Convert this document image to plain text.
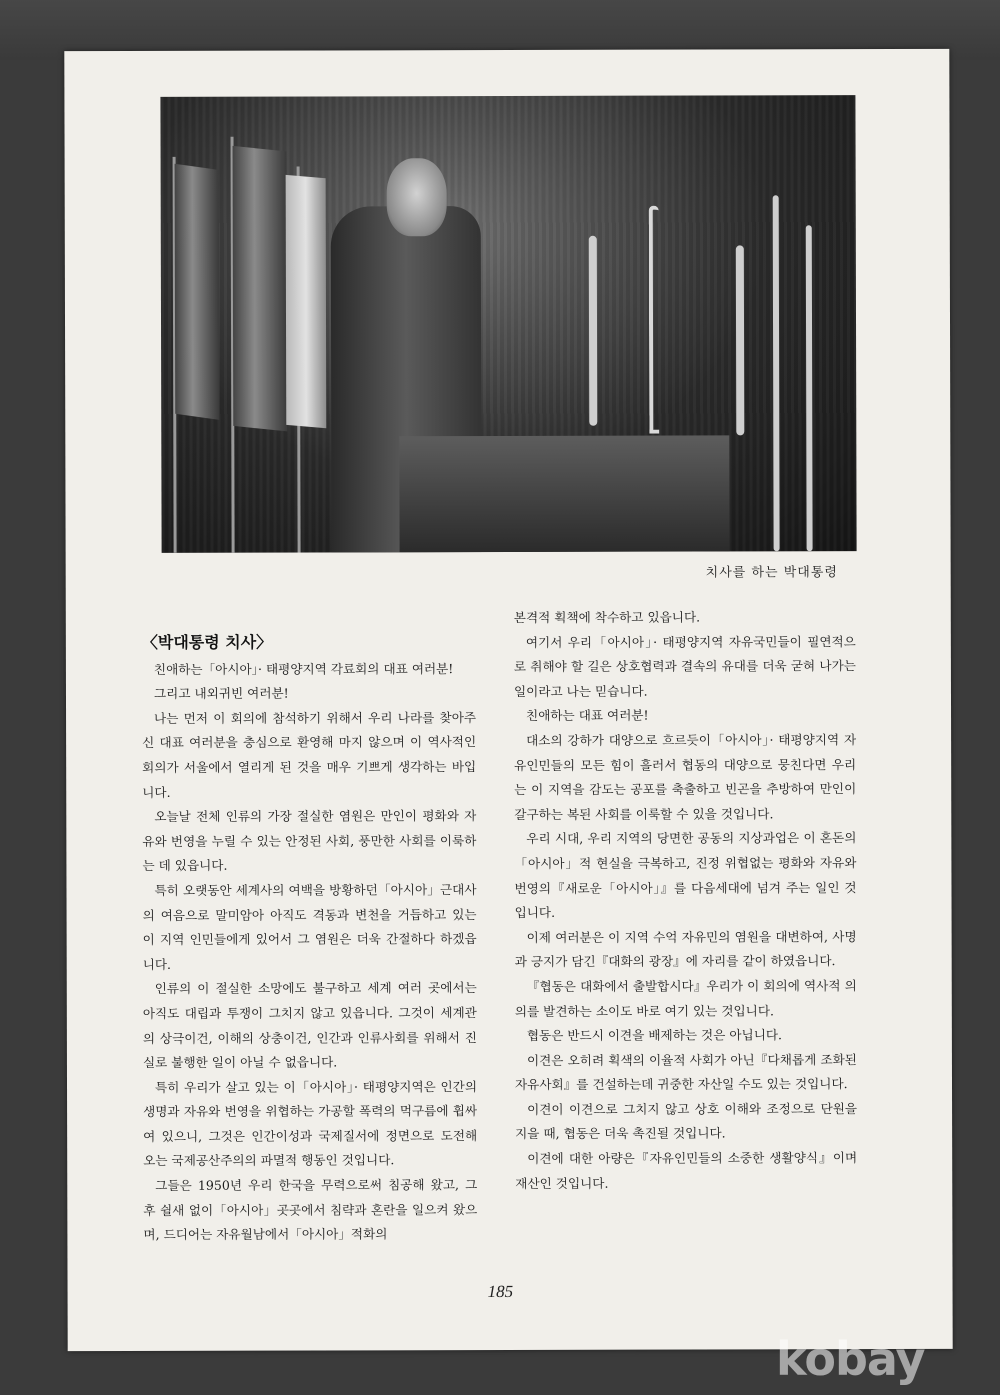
치사를 하는 박대통령
〈박대통령 치사〉

친애하는「아시아」· 태평양지역 각료회의 대표 여러분!

그리고 내외귀빈 여러분!

나는 먼저 이 회의에 참석하기 위해서 우리 나라를 찾아주신 대표 여러분을 충심으로 환영해 마지 않으며 이 역사적인 회의가 서울에서 열리게 된 것을 매우 기쁘게 생각하는 바입니다.

오늘날 전체 인류의 가장 절실한 염원은 만인이 평화와 자유와 번영을 누릴 수 있는 안정된 사회, 풍만한 사회를 이룩하는 데 있읍니다.

특히 오랫동안 세계사의 여백을 방황하던「아시아」근대사의 여음으로 말미암아 아직도 격동과 변천을 거듭하고 있는 이 지역 인민들에게 있어서 그 염원은 더욱 간절하다 하겠읍니다.

인류의 이 절실한 소망에도 불구하고 세계 여러 곳에서는 아직도 대립과 투쟁이 그치지 않고 있읍니다. 그것이 세계관의 상극이건, 이해의 상충이건, 인간과 인류사회를 위해서 진실로 불행한 일이 아닐 수 없읍니다.

특히 우리가 살고 있는 이「아시아」· 태평양지역은 인간의 생명과 자유와 번영을 위협하는 가공할 폭력의 먹구름에 휩싸여 있으니, 그것은 인간이성과 국제질서에 정면으로 도전해 오는 국제공산주의의 파멸적 행동인 것입니다.

그들은 1950년 우리 한국을 무력으로써 침공해 왔고, 그 후 쉴새 없이「아시아」곳곳에서 침략과 혼란을 일으켜 왔으며, 드디어는 자유월남에서「아시아」적화의

본격적 획책에 착수하고 있읍니다.

여기서 우리「아시아」· 태평양지역 자유국민들이 필연적으로 취해야 할 길은 상호협력과 결속의 유대를 더욱 굳혀 나가는 일이라고 나는 믿습니다.

친애하는 대표 여러분!

대소의 강하가 대양으로 흐르듯이「아시아」· 태평양지역 자유인민들의 모든 힘이 흘러서 협동의 대양으로 뭉친다면 우리는 이 지역을 감도는 공포를 축출하고 빈곤을 추방하여 만인이 갈구하는 복된 사회를 이룩할 수 있을 것입니다.

우리 시대, 우리 지역의 당면한 공동의 지상과업은 이 혼돈의「아시아」적 현실을 극복하고, 진정 위협없는 평화와 자유와 번영의『새로운「아시아」』를 다음세대에 넘겨 주는 일인 것입니다.

이제 여러분은 이 지역 수억 자유민의 염원을 대변하여, 사명과 긍지가 담긴『대화의 광장』에 자리를 같이 하였읍니다.

『협동은 대화에서 출발합시다』우리가 이 회의에 역사적 의의를 발견하는 소이도 바로 여기 있는 것입니다.

협동은 반드시 이견을 배제하는 것은 아닙니다.

이견은 오히려 획색의 이율적 사회가 아닌『다채롭게 조화된 자유사회』를 건설하는데 귀중한 자산일 수도 있는 것입니다.

이견이 이견으로 그치지 않고 상호 이해와 조정으로 단원을 지을 때, 협동은 더욱 촉진될 것입니다.

이견에 대한 아량은『자유인민들의 소중한 생활양식』이며 재산인 것입니다.

185
kobay
